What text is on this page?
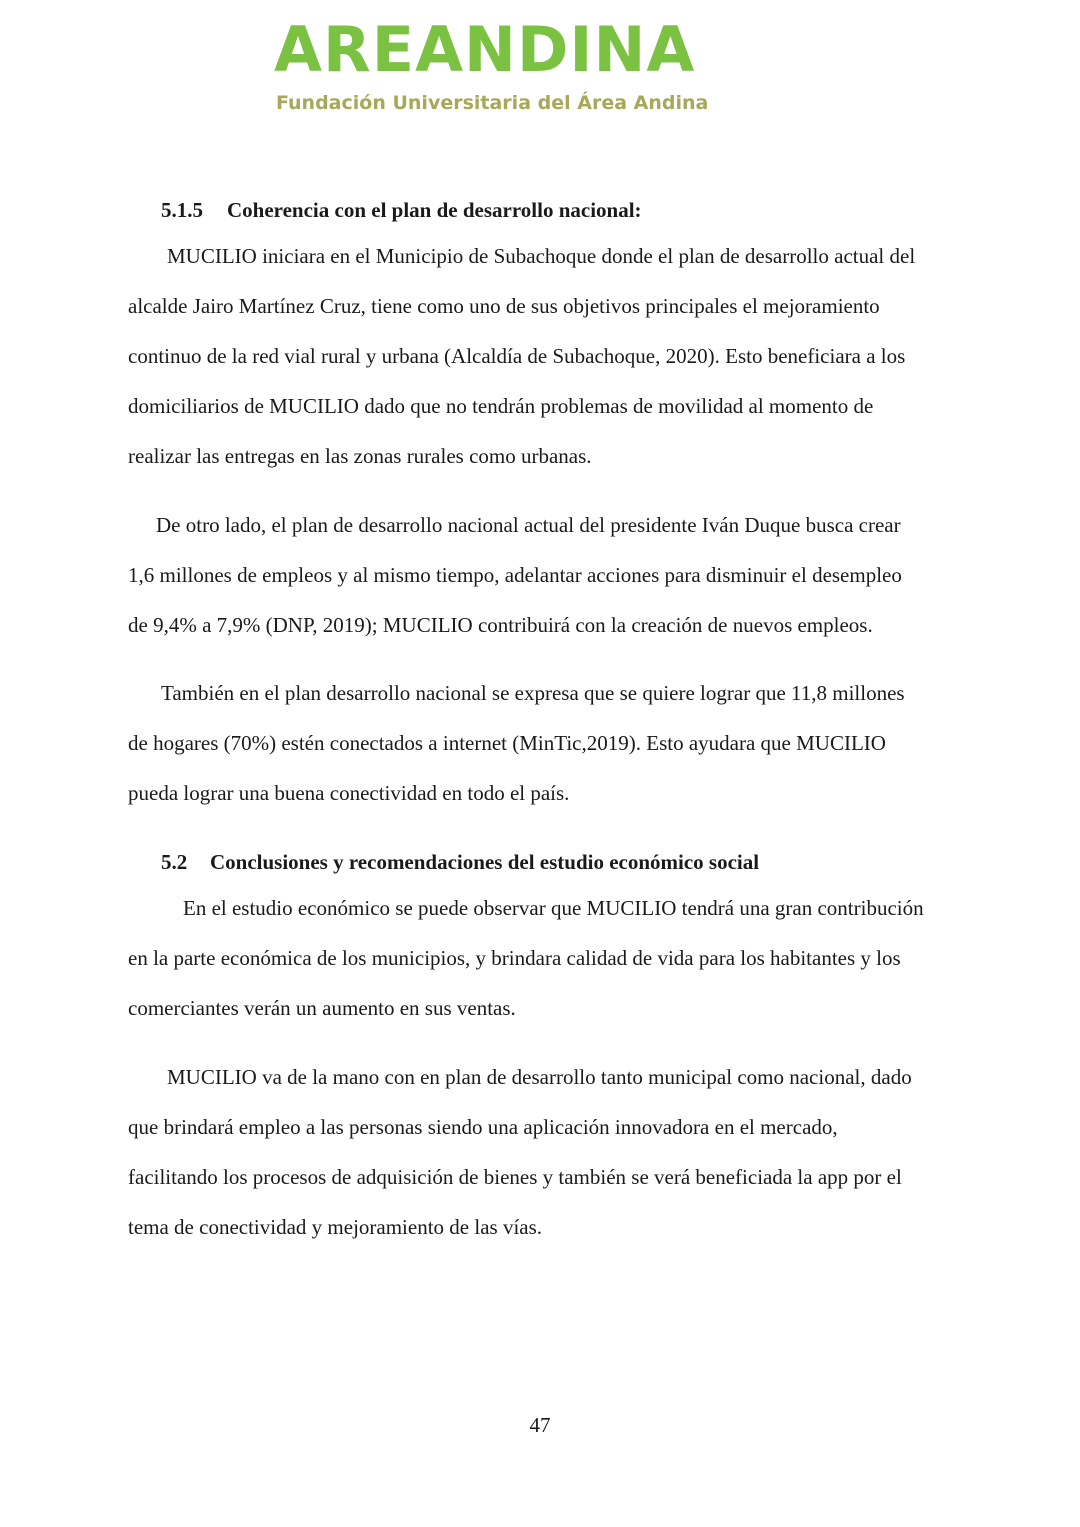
AREANDINA
Fundación Universitaria del Área Andina
5.1.5 Coherencia con el plan de desarrollo nacional:
MUCILIO iniciara en el Municipio de Subachoque donde el plan de desarrollo actual del
alcalde Jairo Martínez Cruz, tiene como uno de sus objetivos principales el mejoramiento
continuo de la red vial rural y urbana (Alcaldía de Subachoque, 2020). Esto beneficiara a los
domiciliarios de MUCILIO dado que no tendrán problemas de movilidad al momento de
realizar las entregas en las zonas rurales como urbanas.
De otro lado, el plan de desarrollo nacional actual del presidente Iván Duque busca crear
1,6 millones de empleos y al mismo tiempo, adelantar acciones para disminuir el desempleo
de 9,4% a 7,9% (DNP, 2019); MUCILIO contribuirá con la creación de nuevos empleos.
También en el plan desarrollo nacional se expresa que se quiere lograr que 11,8 millones
de hogares (70%) estén conectados a internet (MinTic,2019). Esto ayudara que MUCILIO
pueda lograr una buena conectividad en todo el país.
5.2 Conclusiones y recomendaciones del estudio económico social
En el estudio económico se puede observar que MUCILIO tendrá una gran contribución
en la parte económica de los municipios, y brindara calidad de vida para los habitantes y los
comerciantes verán un aumento en sus ventas.
MUCILIO va de la mano con en plan de desarrollo tanto municipal como nacional, dado
que brindará empleo a las personas siendo una aplicación innovadora en el mercado,
facilitando los procesos de adquisición de bienes y también se verá beneficiada la app por el
tema de conectividad y mejoramiento de las vías.
47
